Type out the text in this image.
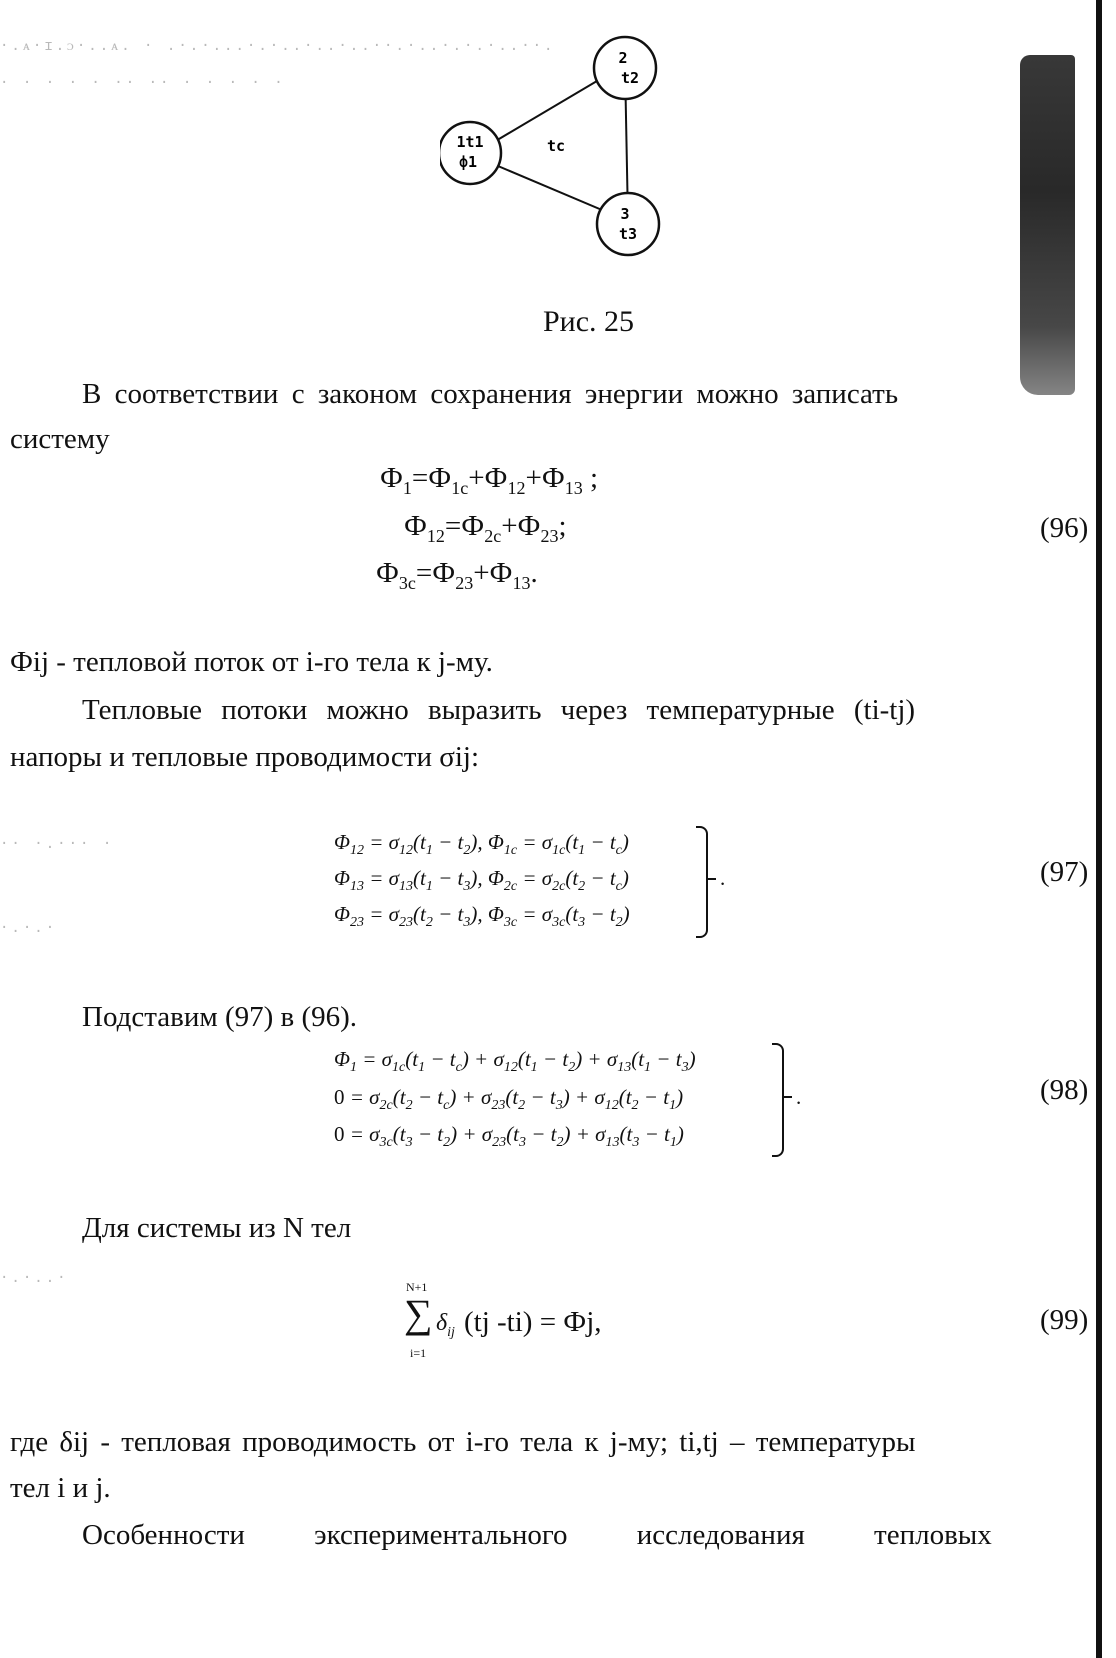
·.ᴀ·ɪ.ᴐ·..ᴀ. · .·.·...·.·..·..·..··.·..·.·.·..··.
· · · · · ·· ·· · · · · ·
·· ·.··· ·
·.·.·
·.·..·
1t1
ф1
2
t2
3
t3
tc
Рис. 25
В соответствии с законом сохранения энергии можно записать
систему
$Ф_1=Ф_{1c}+Ф_{12}+Ф_{13}$ ;
$Ф_{12}=Ф_{2c}+Ф_{23}$;
$Ф_{3c}=Ф_{23}+Ф_{13}$.
(96)
Фij - тепловой поток от i-го тела к j-му.
Тепловые потоки можно выразить через температурные (ti-tj)
напоры и тепловые проводимости σij:
$\Phi_{12} = \sigma_{12}(t_1 - t_2)$, $\Phi_{1c} = \sigma_{1c}(t_1 - t_c)$
$\Phi_{13} = \sigma_{13}(t_1 - t_3)$, $\Phi_{2c} = \sigma_{2c}(t_2 - t_c)$
$\Phi_{23} = \sigma_{23}(t_2 - t_3)$, $\Phi_{3c} = \sigma_{3c}(t_3 - t_2)$
.	(97)
Подставим (97) в (96).
$\Phi_1 = \sigma_{1c}(t_1 - t_c) + \sigma_{12}(t_1 - t_2) + \sigma_{13}(t_1 - t_3)$
$0 = \sigma_{2c}(t_2 - t_c) + \sigma_{23}(t_2 - t_3) + \sigma_{12}(t_2 - t_1)$
$0 = \sigma_{3c}(t_3 - t_2) + \sigma_{23}(t_3 - t_2) + \sigma_{13}(t_3 - t_1)$
.	(98)
Для системы из N тел
N+1
∑
i=1
$\delta_{ij}$ (tj -ti) = Фj,	(99)
где δij - тепловая проводимость от i-го тела к j-му; ti,tj – температуры
тел i и j.
Особенности экспериментального исследования тепловых
